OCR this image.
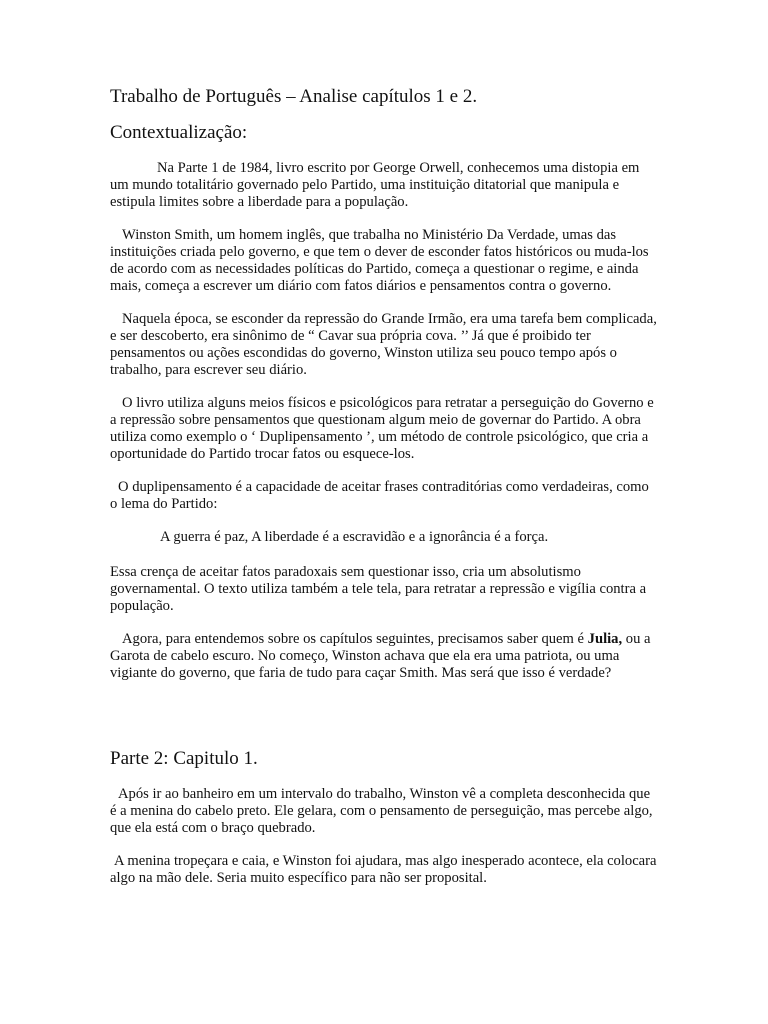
Trabalho de Português – Analise capítulos 1 e 2.
Contextualização:

Na Parte 1 de 1984, livro escrito por George Orwell, conhecemos uma distopia em um mundo totalitário governado pelo Partido, uma instituição ditatorial que manipula e estipula limites sobre a liberdade para a população.

Winston Smith, um homem inglês, que trabalha no Ministério Da Verdade, umas das instituições criada pelo governo, e que tem o dever de esconder fatos históricos ou muda-los de acordo com as necessidades políticas do Partido, começa a questionar o regime, e ainda mais, começa a escrever um diário com fatos diários e pensamentos contra o governo.

Naquela época, se esconder da repressão do Grande Irmão, era uma tarefa bem complicada, e ser descoberto, era sinônimo de “ Cavar sua própria cova. ’’ Já que é proibido ter pensamentos ou ações escondidas do governo, Winston utiliza seu pouco tempo após o trabalho, para escrever seu diário.

O livro utiliza alguns meios físicos e psicológicos para retratar a perseguição do Governo e a repressão sobre pensamentos que questionam algum meio de governar do Partido. A obra utiliza como exemplo o ‘ Duplipensamento ’, um método de controle psicológico, que cria a oportunidade do Partido trocar fatos ou esquece-los.

O duplipensamento é a capacidade de aceitar frases contraditórias como verdadeiras, como o lema do Partido:

A guerra é paz, A liberdade é a escravidão e a ignorância é a força.

Essa crença de aceitar fatos paradoxais sem questionar isso, cria um absolutismo governamental. O texto utiliza também a tele tela, para retratar a repressão e vigília contra a população.

Agora, para entendemos sobre os capítulos seguintes, precisamos saber quem é Julia, ou a Garota de cabelo escuro. No começo, Winston achava que ela era uma patriota, ou uma vigiante do governo, que faria de tudo para caçar Smith. Mas será que isso é verdade?

Parte 2: Capitulo 1.

Após ir ao banheiro em um intervalo do trabalho, Winston vê a completa desconhecida que é a menina do cabelo preto. Ele gelara, com o pensamento de perseguição, mas percebe algo, que ela está com o braço quebrado.

A menina tropeçara e caia, e Winston foi ajudara, mas algo inesperado acontece, ela colocara algo na mão dele. Seria muito específico para não ser proposital.
